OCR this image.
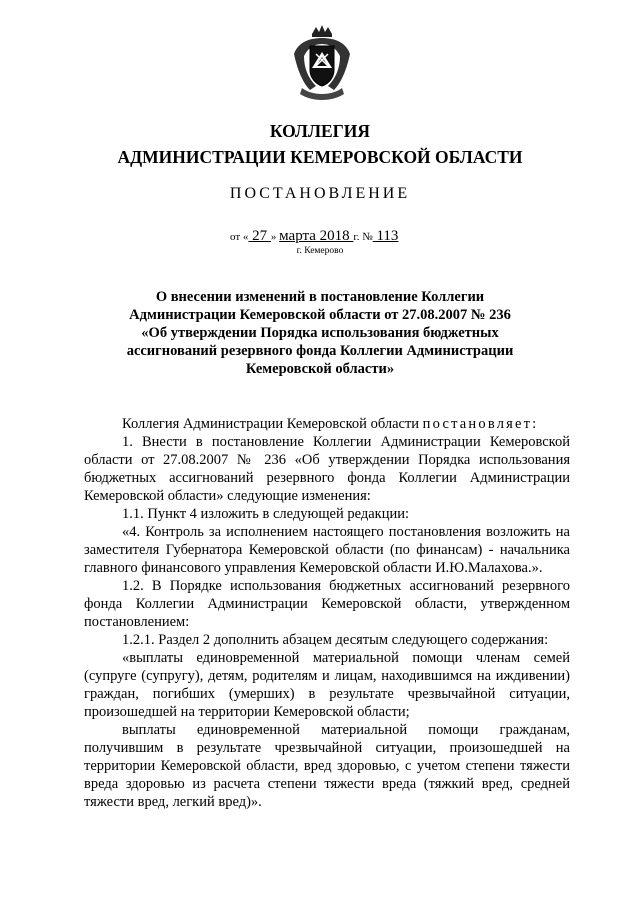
КОЛЛЕГИЯ
АДМИНИСТРАЦИИ КЕМЕРОВСКОЙ ОБЛАСТИ
ПОСТАНОВЛЕНИЕ
от « 27 » марта 2018 г. № 113
г. Кемерово
О внесении изменений в постановление Коллегии
Администрации Кемеровской области от 27.08.2007 № 236
«Об утверждении Порядка использования бюджетных
ассигнований резервного фонда Коллегии Администрации
Кемеровской области»

Коллегия Администрации Кемеровской области постановляет:

1. Внести в постановление Коллегии Администрации Кемеровской области от 27.08.2007 № 236 «Об утверждении Порядка использования бюджетных ассигнований резервного фонда Коллегии Администрации Кемеровской области» следующие изменения:

1.1. Пункт 4 изложить в следующей редакции:

«4. Контроль за исполнением настоящего постановления возложить на заместителя Губернатора Кемеровской области (по финансам) - начальника главного финансового управления Кемеровской области И.Ю.Малахова.».

1.2. В Порядке использования бюджетных ассигнований резервного фонда Коллегии Администрации Кемеровской области, утвержденном постановлением:

1.2.1. Раздел 2 дополнить абзацем десятым следующего содержания:

«выплаты единовременной материальной помощи членам семей (супруге (супругу), детям, родителям и лицам, находившимся на иждивении) граждан, погибших (умерших) в результате чрезвычайной ситуации, произошедшей на территории Кемеровской области;

выплаты единовременной материальной помощи гражданам, получившим в результате чрезвычайной ситуации, произошедшей на территории Кемеровской области, вред здоровью, с учетом степени тяжести вреда здоровью из расчета степени тяжести вреда (тяжкий вред, средней тяжести вред, легкий вред)».
